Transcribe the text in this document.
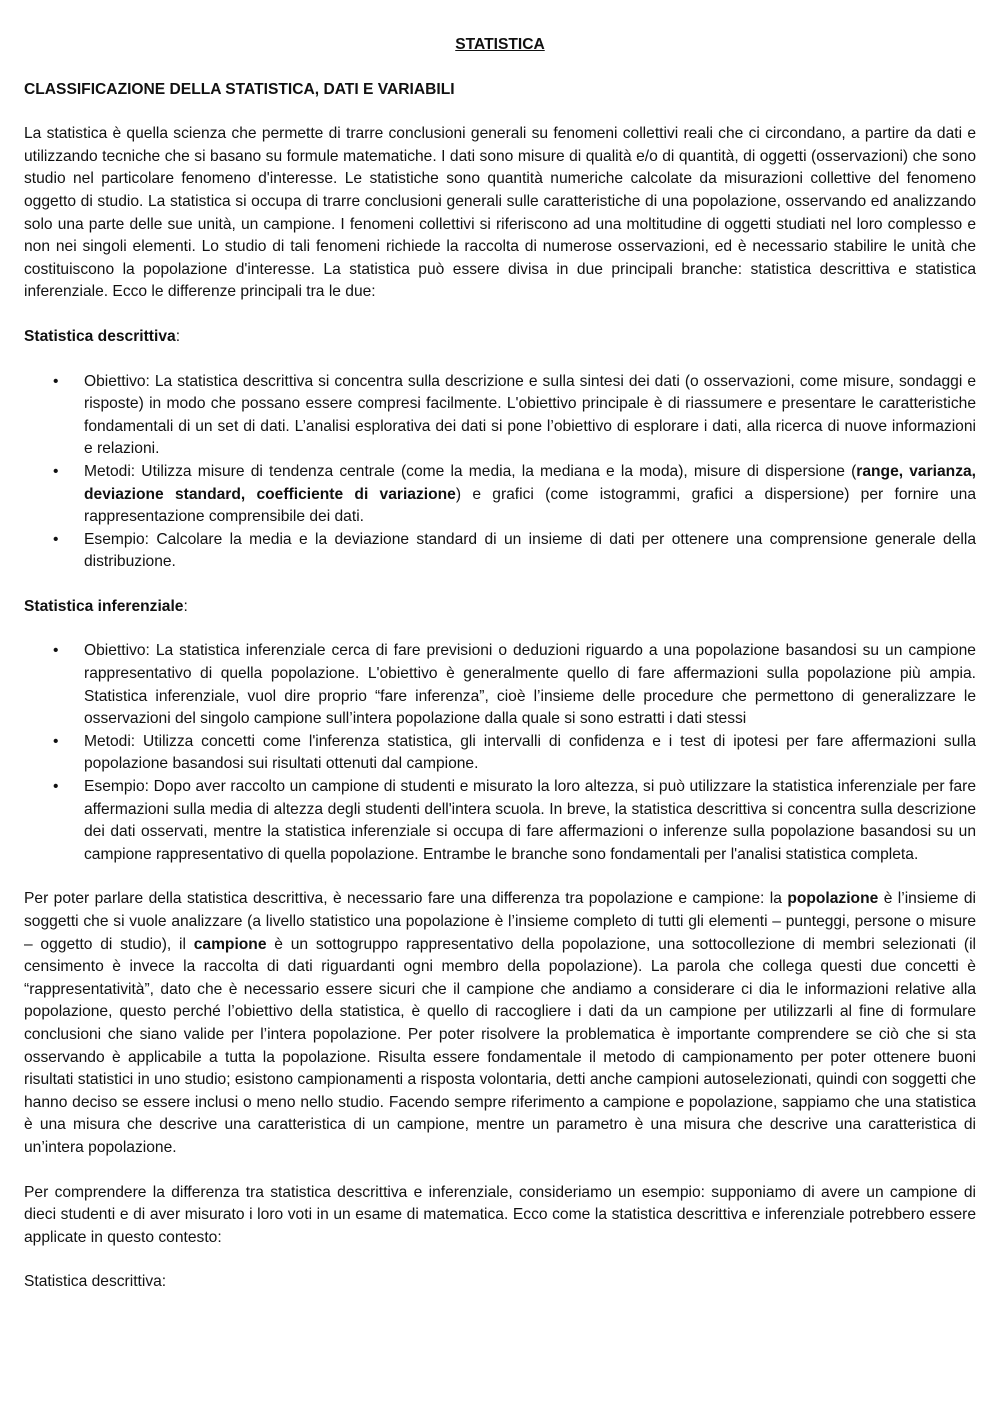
STATISTICA

CLASSIFICAZIONE DELLA STATISTICA, DATI E VARIABILI

La statistica è quella scienza che permette di trarre conclusioni generali su fenomeni collettivi reali che ci circondano, a partire da dati e utilizzando tecniche che si basano su formule matematiche. I dati sono misure di qualità e/o di quantità, di oggetti (osservazioni) che sono studio nel particolare fenomeno d'interesse. Le statistiche sono quantità numeriche calcolate da misurazioni collettive del fenomeno oggetto di studio. La statistica si occupa di trarre conclusioni generali sulle caratteristiche di una popolazione, osservando ed analizzando solo una parte delle sue unità, un campione. I fenomeni collettivi si riferiscono ad una moltitudine di oggetti studiati nel loro complesso e non nei singoli elementi. Lo studio di tali fenomeni richiede la raccolta di numerose osservazioni, ed è necessario stabilire le unità che costituiscono la popolazione d'interesse. La statistica può essere divisa in due principali branche: statistica descrittiva e statistica inferenziale. Ecco le differenze principali tra le due:

Statistica descrittiva:

• Obiettivo: La statistica descrittiva si concentra sulla descrizione e sulla sintesi dei dati (o osservazioni, come misure, sondaggi e risposte) in modo che possano essere compresi facilmente. L'obiettivo principale è di riassumere e presentare le caratteristiche fondamentali di un set di dati. L’analisi esplorativa dei dati si pone l’obiettivo di esplorare i dati, alla ricerca di nuove informazioni e relazioni.
• Metodi: Utilizza misure di tendenza centrale (come la media, la mediana e la moda), misure di dispersione (range, varianza, deviazione standard, coefficiente di variazione) e grafici (come istogrammi, grafici a dispersione) per fornire una rappresentazione comprensibile dei dati.
• Esempio: Calcolare la media e la deviazione standard di un insieme di dati per ottenere una comprensione generale della distribuzione.

Statistica inferenziale:

• Obiettivo: La statistica inferenziale cerca di fare previsioni o deduzioni riguardo a una popolazione basandosi su un campione rappresentativo di quella popolazione. L'obiettivo è generalmente quello di fare affermazioni sulla popolazione più ampia. Statistica inferenziale, vuol dire proprio “fare inferenza”, cioè l’insieme delle procedure che permettono di generalizzare le osservazioni del singolo campione sull’intera popolazione dalla quale si sono estratti i dati stessi
• Metodi: Utilizza concetti come l'inferenza statistica, gli intervalli di confidenza e i test di ipotesi per fare affermazioni sulla popolazione basandosi sui risultati ottenuti dal campione.
• Esempio: Dopo aver raccolto un campione di studenti e misurato la loro altezza, si può utilizzare la statistica inferenziale per fare affermazioni sulla media di altezza degli studenti dell'intera scuola. In breve, la statistica descrittiva si concentra sulla descrizione dei dati osservati, mentre la statistica inferenziale si occupa di fare affermazioni o inferenze sulla popolazione basandosi su un campione rappresentativo di quella popolazione. Entrambe le branche sono fondamentali per l'analisi statistica completa.

Per poter parlare della statistica descrittiva, è necessario fare una differenza tra popolazione e campione: la popolazione è l’insieme di soggetti che si vuole analizzare (a livello statistico una popolazione è l’insieme completo di tutti gli elementi – punteggi, persone o misure – oggetto di studio), il campione è un sottogruppo rappresentativo della popolazione, una sottocollezione di membri selezionati (il censimento è invece la raccolta di dati riguardanti ogni membro della popolazione). La parola che collega questi due concetti è “rappresentatività”, dato che è necessario essere sicuri che il campione che andiamo a considerare ci dia le informazioni relative alla popolazione, questo perché l’obiettivo della statistica, è quello di raccogliere i dati da un campione per utilizzarli al fine di formulare conclusioni che siano valide per l’intera popolazione. Per poter risolvere la problematica è importante comprendere se ciò che si sta osservando è applicabile a tutta la popolazione. Risulta essere fondamentale il metodo di campionamento per poter ottenere buoni risultati statistici in uno studio; esistono campionamenti a risposta volontaria, detti anche campioni autoselezionati, quindi con soggetti che hanno deciso se essere inclusi o meno nello studio. Facendo sempre riferimento a campione e popolazione, sappiamo che una statistica è una misura che descrive una caratteristica di un campione, mentre un parametro è una misura che descrive una caratteristica di un’intera popolazione.

Per comprendere la differenza tra statistica descrittiva e inferenziale, consideriamo un esempio: supponiamo di avere un campione di dieci studenti e di aver misurato i loro voti in un esame di matematica. Ecco come la statistica descrittiva e inferenziale potrebbero essere applicate in questo contesto:

Statistica descrittiva:
